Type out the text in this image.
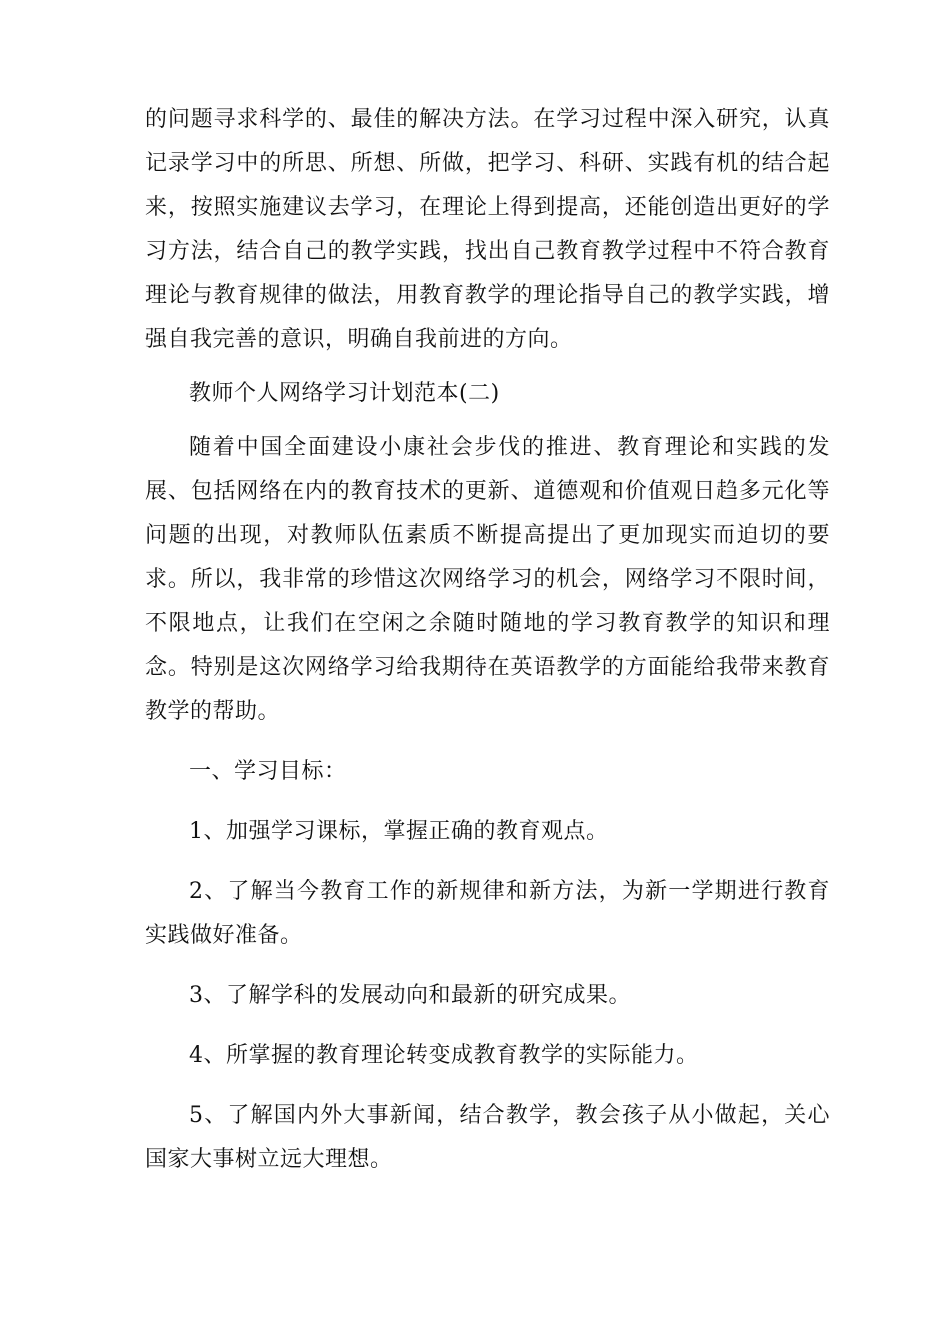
的问题寻求科学的、最佳的解决方法。在学习过程中深入研究，认真记录学习中的所思、所想、所做，把学习、科研、实践有机的结合起来，按照实施建议去学习，在理论上得到提高，还能创造出更好的学习方法，结合自己的教学实践，找出自己教育教学过程中不符合教育理论与教育规律的做法，用教育教学的理论指导自己的教学实践，增强自我完善的意识，明确自我前进的方向。

教师个人网络学习计划范本(二)

随着中国全面建设小康社会步伐的推进、教育理论和实践的发展、包括网络在内的教育技术的更新、道德观和价值观日趋多元化等问题的出现，对教师队伍素质不断提高提出了更加现实而迫切的要求。所以，我非常的珍惜这次网络学习的机会，网络学习不限时间，不限地点，让我们在空闲之余随时随地的学习教育教学的知识和理念。特别是这次网络学习给我期待在英语教学的方面能给我带来教育教学的帮助。

一、学习目标：

1、加强学习课标，掌握正确的教育观点。

2、了解当今教育工作的新规律和新方法，为新一学期进行教育实践做好准备。

3、了解学科的发展动向和最新的研究成果。

4、所掌握的教育理论转变成教育教学的实际能力。

5、了解国内外大事新闻，结合教学，教会孩子从小做起，关心国家大事树立远大理想。
